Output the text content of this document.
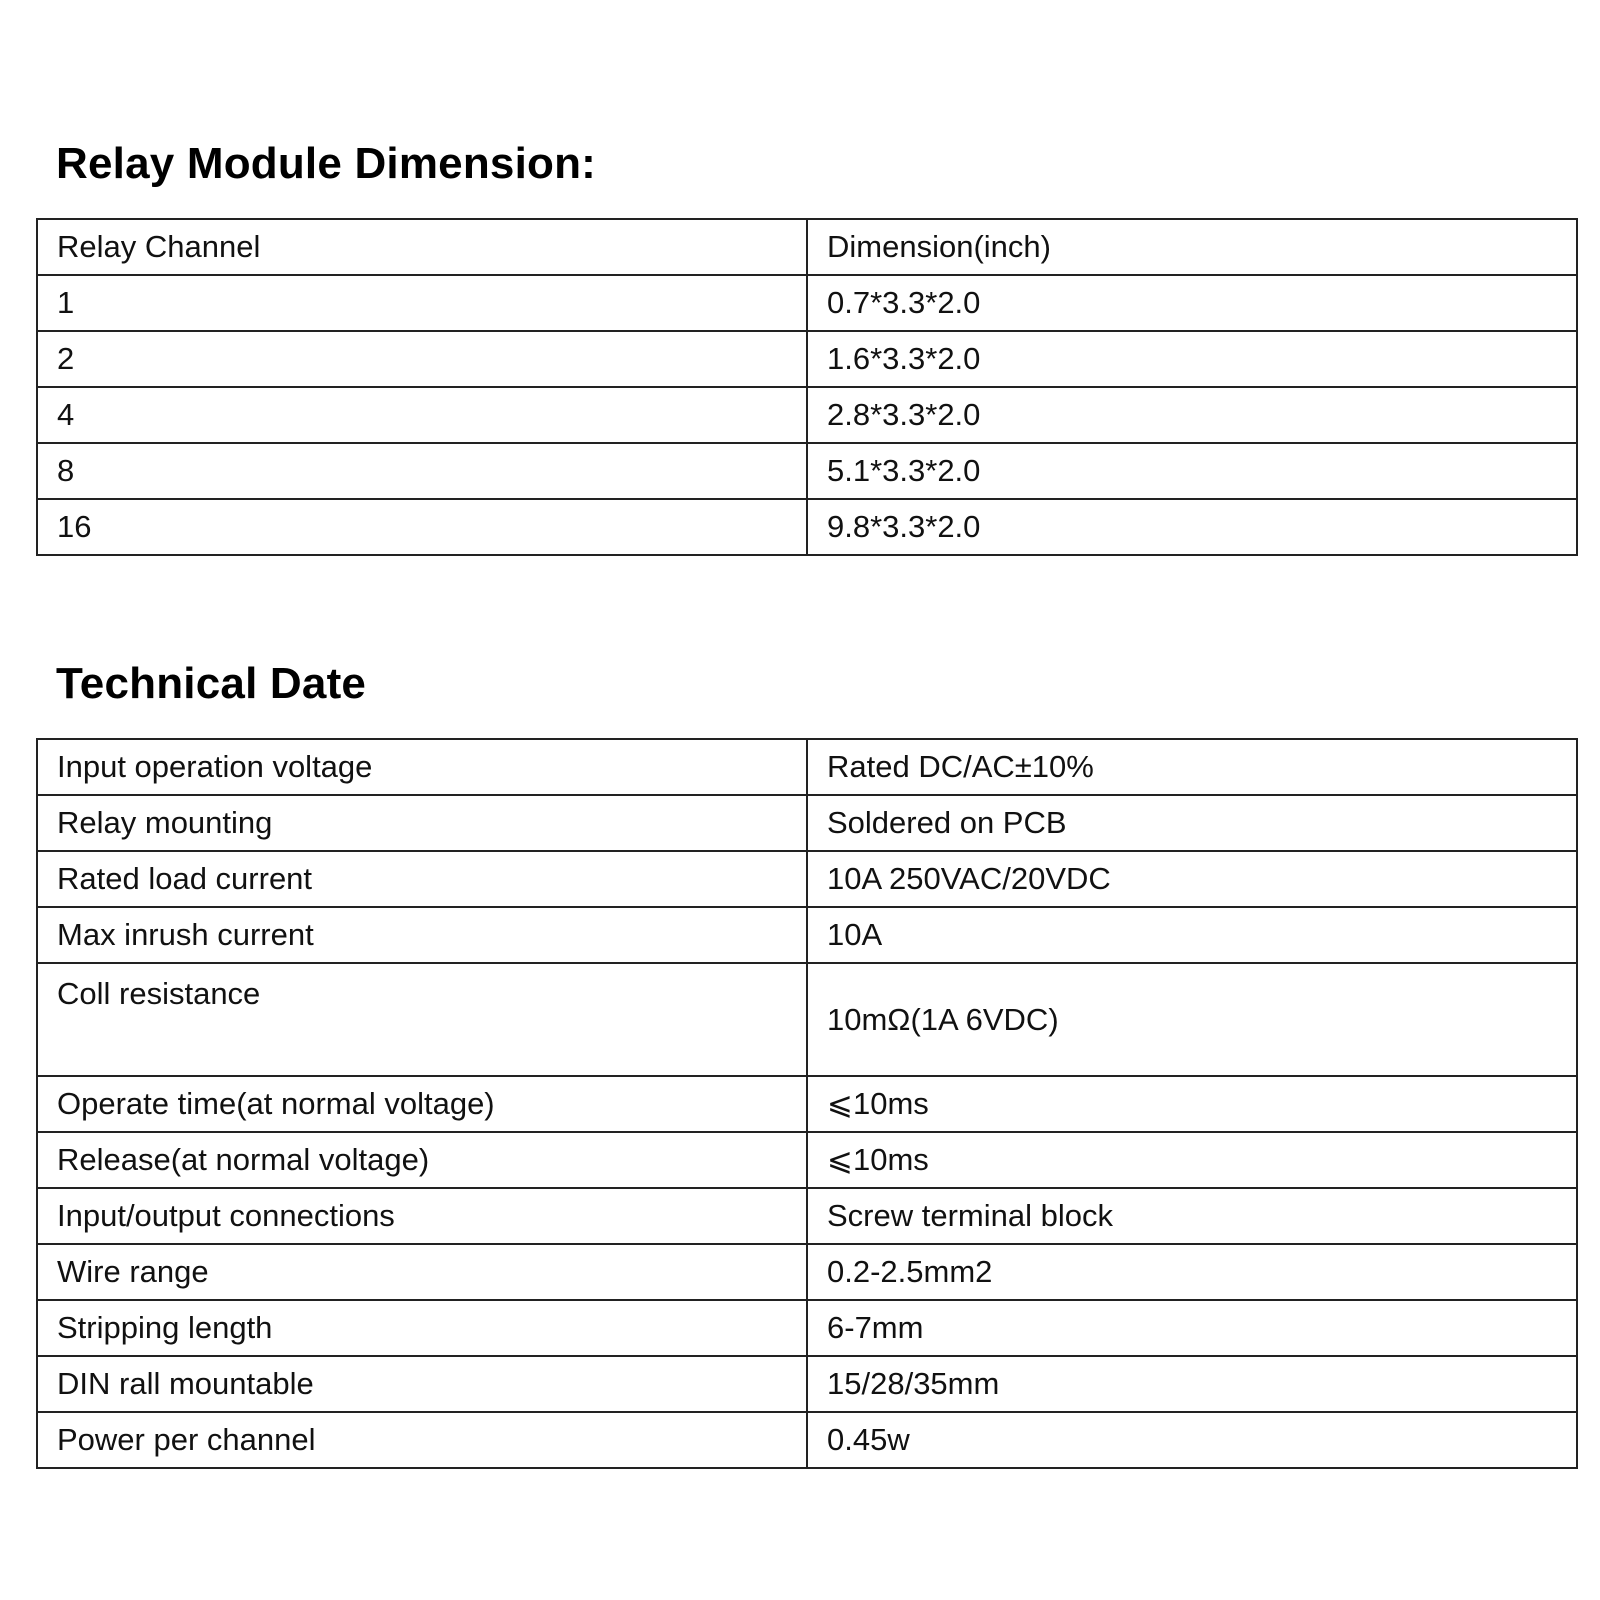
Relay Module Dimension:
Relay Channel	Dimension(inch)
1	0.7*3.3*2.0
2	1.6*3.3*2.0
4	2.8*3.3*2.0
8	5.1*3.3*2.0
16	9.8*3.3*2.0
Technical Date
Input operation voltage	Rated DC/AC±10%
Relay mounting	Soldered on PCB
Rated load current	10A 250VAC/20VDC
Max inrush current	10A
Coll resistance	10mΩ(1A 6VDC)
Operate time(at normal voltage)	⩽10ms
Release(at normal voltage)	⩽10ms
Input/output connections	Screw terminal block
Wire range	0.2-2.5mm2
Stripping length	6-7mm
DIN rall mountable	15/28/35mm
Power per channel	0.45w
